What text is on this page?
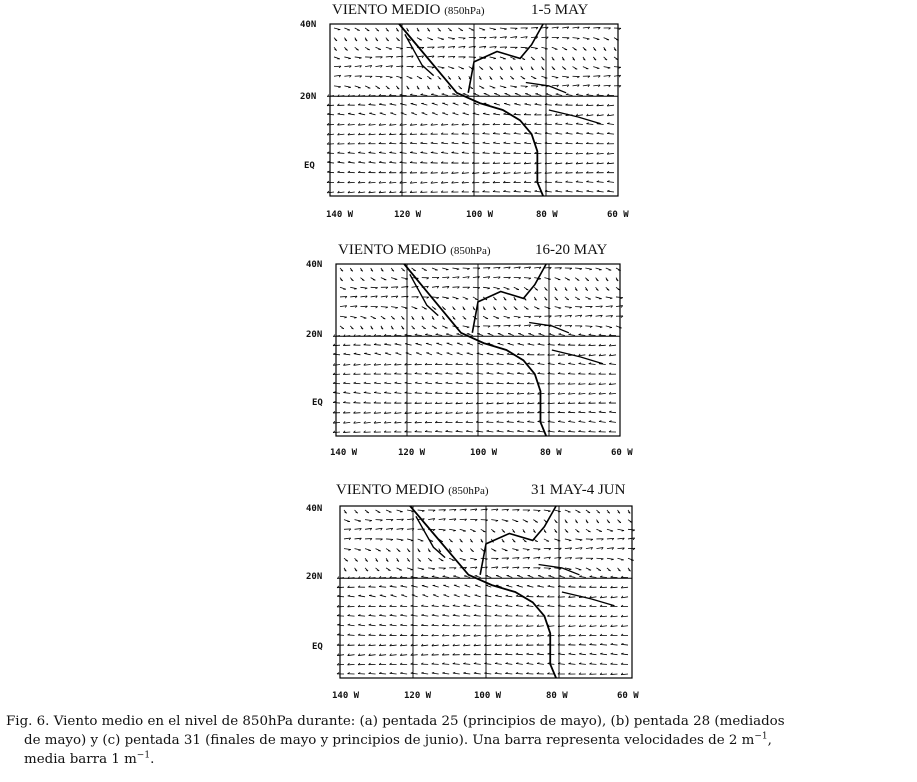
VIENTO MEDIO (850hPa)	1-5 MAY
40N
20N
EQ
140 W	120 W	100 W	80 W	60 W
VIENTO MEDIO (850hPa)	16-20 MAY
40N
20N
EQ
140 W	120 W	100 W	80 W	60 W
VIENTO MEDIO (850hPa)	31 MAY-4 JUN
40N
20N
EQ
140 W	120 W	100 W	80 W	60 W
Fig. 6. Viento medio en el nivel de 850hPa durante: (a) pentada 25 (principios de mayo), (b) pentada 28 (mediados
de mayo) y (c) pentada 31 (finales de mayo y principios de junio). Una barra representa velocidades de 2 $m^{-1}$,
media barra 1 $m^{-1}$.
